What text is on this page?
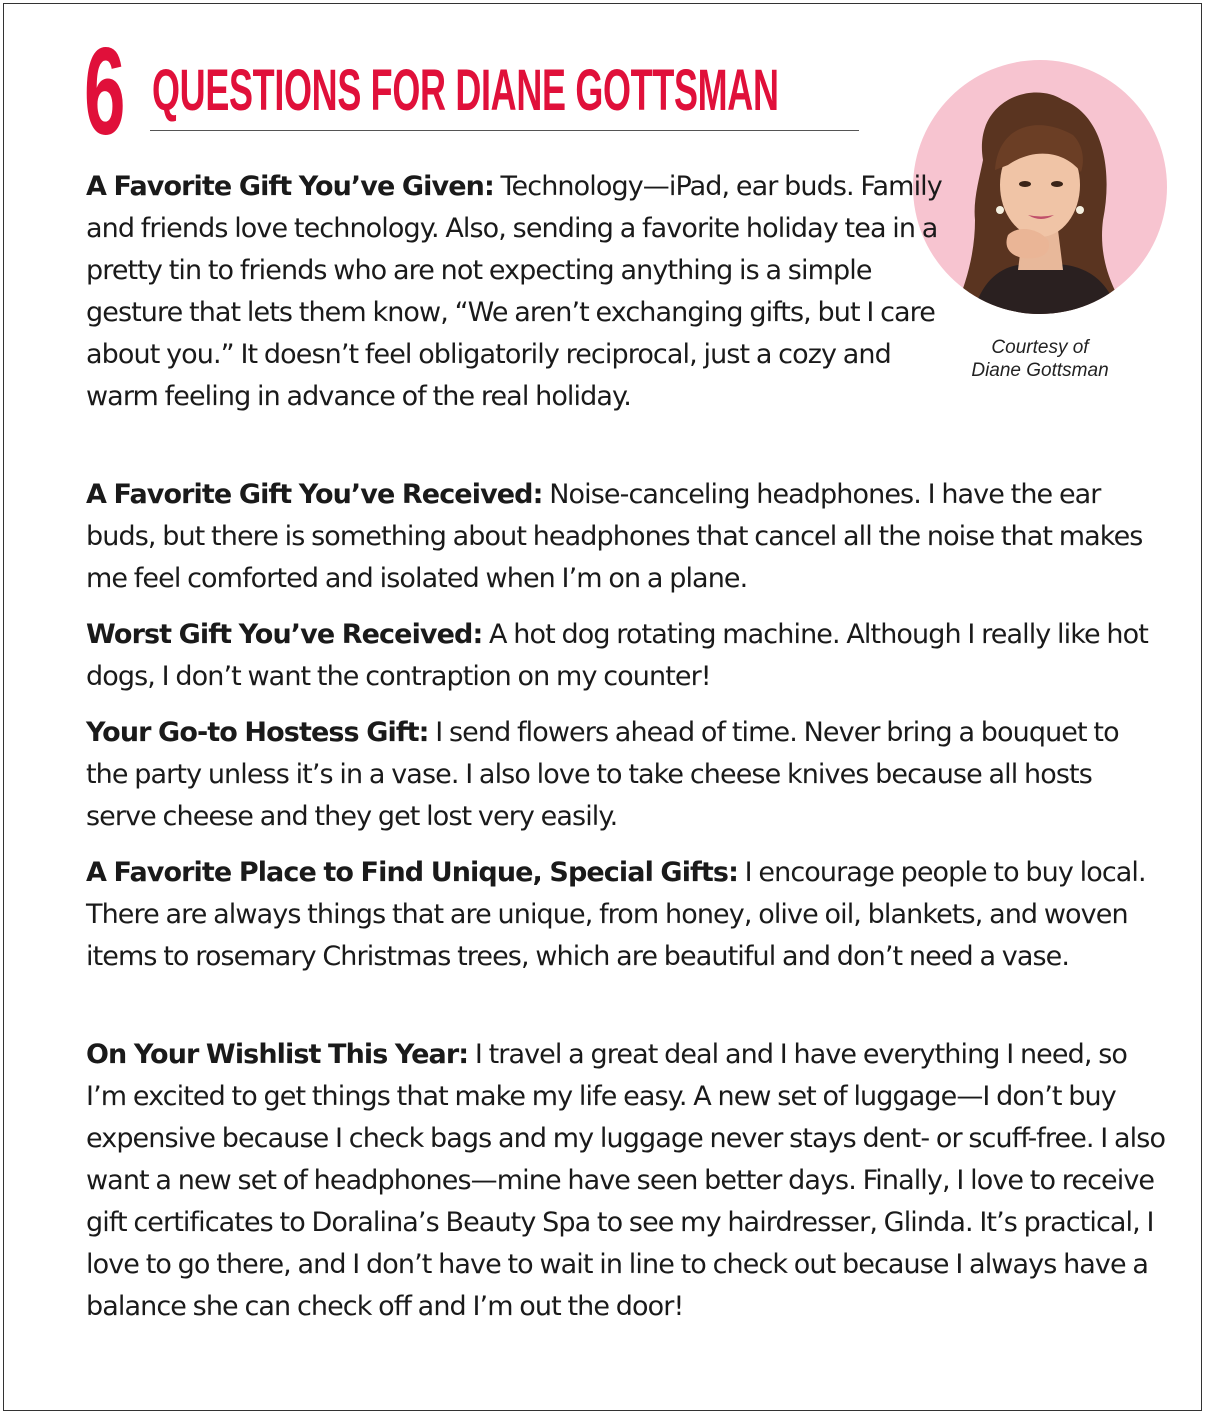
6 QUESTIONS FOR DIANE GOTTSMAN
Courtesy of
Diane Gottsman
A Favorite Gift You’ve Given: Technology—iPad, ear buds. Family and friends love technology. Also, sending a favorite holiday tea in a pretty tin to friends who are not expecting anything is a simple gesture that lets them know, “We aren’t exchanging gifts, but I care about you.” It doesn’t feel obligatorily reciprocal, just a cozy and warm feeling in advance of the real holiday.
A Favorite Gift You’ve Received: Noise-canceling headphones. I have the ear buds, but there is something about headphones that cancel all the noise that makes me feel comforted and isolated when I’m on a plane.
Worst Gift You’ve Received: A hot dog rotating machine. Although I really like hot dogs, I don’t want the contraption on my counter!
Your Go-to Hostess Gift: I send flowers ahead of time. Never bring a bouquet to the party unless it’s in a vase. I also love to take cheese knives because all hosts serve cheese and they get lost very easily.
A Favorite Place to Find Unique, Special Gifts: I encourage people to buy local. There are always things that are unique, from honey, olive oil, blankets, and woven items to rosemary Christmas trees, which are beautiful and don’t need a vase.
On Your Wishlist This Year: I travel a great deal and I have everything I need, so I’m excited to get things that make my life easy. A new set of luggage—I don’t buy expensive because I check bags and my luggage never stays dent- or scuff-free. I also want a new set of headphones—mine have seen better days. Finally, I love to receive gift certificates to Doralina’s Beauty Spa to see my hairdresser, Glinda. It’s practical, I love to go there, and I don’t have to wait in line to check out because I always have a balance she can check off and I’m out the door!
